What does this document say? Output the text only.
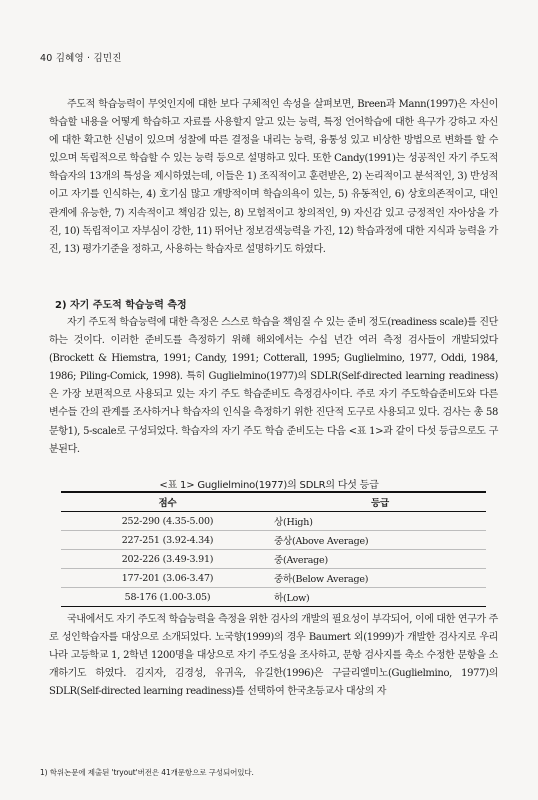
40 김혜영 · 김민진

주도적 학습능력이 무엇인지에 대한 보다 구체적인 속성을 살펴보면, Breen과 Mann(1997)은 자신이 학습할 내용을 어떻게 학습하고 자료를 사용할지 알고 있는 능력, 특정 언어학습에 대한 욕구가 강하고 자신에 대한 확고한 신념이 있으며 성찰에 따른 결정을 내리는 능력, 융통성 있고 비상한 방법으로 변화를 할 수 있으며 독립적으로 학습할 수 있는 능력 등으로 설명하고 있다. 또한 Candy(1991)는 성공적인 자기 주도적 학습자의 13개의 특성을 제시하였는데, 이들은 1) 조직적이고 훈련받은, 2) 논리적이고 분석적인, 3) 반성적이고 자기를 인식하는, 4) 호기심 많고 개방적이며 학습의욕이 있는, 5) 유동적인, 6) 상호의존적이고, 대인관계에 유능한, 7) 지속적이고 책임감 있는, 8) 모험적이고 창의적인, 9) 자신감 있고 긍정적인 자아상을 가진, 10) 독립적이고 자부심이 강한, 11) 뛰어난 정보검색능력을 가진, 12) 학습과정에 대한 지식과 능력을 가진, 13) 평가기준을 정하고, 사용하는 학습자로 설명하기도 하였다.

2) 자기 주도적 학습능력 측정

자기 주도적 학습능력에 대한 측정은 스스로 학습을 책임질 수 있는 준비 정도(readiness scale)를 진단하는 것이다. 이러한 준비도를 측정하기 위해 해외에서는 수십 년간 여러 측정 검사들이 개발되었다(Brockett & Hiemstra, 1991; Candy, 1991; Cotterall, 1995; Guglielmino, 1977, Oddi, 1984, 1986; Piling-Comick, 1998). 특히 Guglielmino(1977)의 SDLR(Self-directed learning readiness)은 가장 보편적으로 사용되고 있는 자기 주도 학습준비도 측정검사이다. 주로 자기 주도학습준비도와 다른 변수들 간의 관계를 조사하거나 학습자의 인식을 측정하기 위한 진단적 도구로 사용되고 있다. 검사는 총 58문항1), 5-scale로 구성되었다. 학습자의 자기 주도 학습 준비도는 다음 <표 1>과 같이 다섯 등급으로도 구분된다.

<표 1> Guglielmino(1977)의 SDLR의 다섯 등급
점수	등급
252-290 (4.35-5.00)	상(High)
227-251 (3.92-4.34)	중상(Above Average)
202-226 (3.49-3.91)	중(Average)
177-201 (3.06-3.47)	중하(Below Average)
58-176 (1.00-3.05)	하(Low)

국내에서도 자기 주도적 학습능력을 측정을 위한 검사의 개발의 필요성이 부각되어, 이에 대한 연구가 주로 성인학습자를 대상으로 소개되었다. 노국향(1999)의 경우 Baumert 외(1999)가 개발한 검사지로 우리나라 고등학교 1, 2학년 1200명을 대상으로 자기 주도성을 조사하고, 문항 검사지를 축소 수정한 문항을 소개하기도 하였다. 김지자, 김경성, 유귀옥, 유길한(1996)은 구글리엘미노(Guglielmino, 1977)의 SDLR(Self-directed learning readiness)를 선택하여 한국초등교사 대상의 자

1) 학위논문에 제출된 'tryout'버전은 41개문항으로 구성되어있다.
